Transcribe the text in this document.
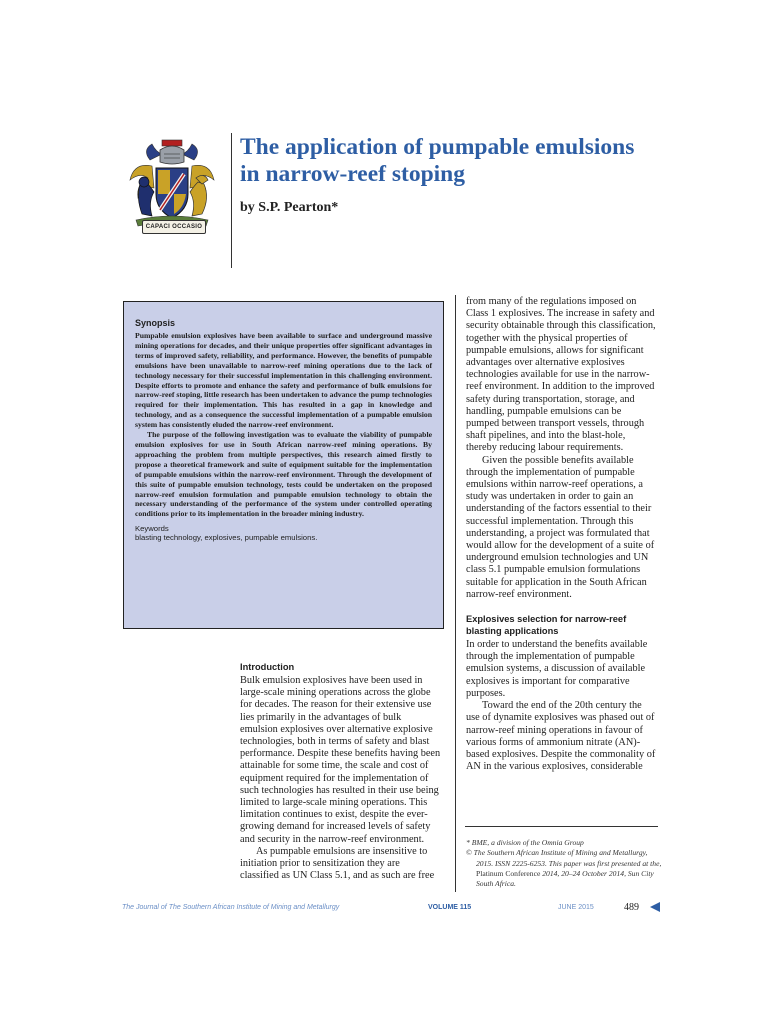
CAPACI OCCASIO
The application of pumpable emulsions
in narrow-reef stoping
by S.P. Pearton*

Synopsis

Pumpable emulsion explosives have been available to surface and underground massive mining operations for decades, and their unique properties offer significant advantages in terms of improved safety, reliability, and performance. However, the benefits of pumpable emulsions have been unavailable to narrow-reef mining operations due to the lack of technology necessary for their successful implementation in this challenging environment. Despite efforts to promote and enhance the safety and performance of bulk emulsions for narrow-reef stoping, little research has been undertaken to advance the pump technologies required for their implementation. This has resulted in a gap in knowledge and technology, and as a consequence the successful implementation of a pumpable emulsion system has consistently eluded the narrow-reef environment.

The purpose of the following investigation was to evaluate the viability of pumpable emulsion explosives for use in South African narrow-reef mining operations. By approaching the problem from multiple perspectives, this research aimed firstly to propose a theoretical framework and suite of equipment suitable for the implementation of pumpable emulsions within the narrow-reef environment. Through the development of this suite of pumpable emulsion technology, tests could be undertaken on the proposed narrow-reef emulsion formulation and pumpable emulsion technology to obtain the necessary understanding of the performance of the system under controlled operating conditions prior to its implementation in the broader mining industry.

Keywords

blasting technology, explosives, pumpable emulsions.

Introduction

Bulk emulsion explosives have been used in large-scale mining operations across the globe for decades. The reason for their extensive use lies primarily in the advantages of bulk emulsion explosives over alternative explosive technologies, both in terms of safety and blast performance. Despite these benefits having been attainable for some time, the scale and cost of equipment required for the implementation of such technologies has resulted in their use being limited to large-scale mining operations. This limitation continues to exist, despite the ever-growing demand for increased levels of safety and security in the narrow-reef environment.

As pumpable emulsions are insensitive to initiation prior to sensitization they are classified as UN Class 5.1, and as such are free

from many of the regulations imposed on Class 1 explosives. The increase in safety and security obtainable through this classification, together with the physical properties of pumpable emulsions, allows for significant advantages over alternative explosives technologies available for use in the narrow-reef environment. In addition to the improved safety during transportation, storage, and handling, pumpable emulsions can be pumped between transport vessels, through shaft pipelines, and into the blast-hole, thereby reducing labour requirements.

Given the possible benefits available through the implementation of pumpable emulsions within narrow-reef operations, a study was undertaken in order to gain an understanding of the factors essential to their successful implementation. Through this understanding, a project was formulated that would allow for the development of a suite of underground emulsion technologies and UN class 5.1 pumpable emulsion formulations suitable for application in the South African narrow-reef environment.

Explosives selection for narrow-reef blasting applications

In order to understand the benefits available through the implementation of pumpable emulsion systems, a discussion of available explosives is important for comparative purposes.

Toward the end of the 20th century the use of dynamite explosives was phased out of narrow-reef mining operations in favour of various forms of ammonium nitrate (AN)-based explosives. Despite the commonality of AN in the various explosives, considerable

* BME, a division of the Omnia Group

© The Southern African Institute of Mining and Metallurgy, 2015. ISSN 2225-6253. This paper was first presented at the, Platinum Conference 2014, 20–24 October 2014, Sun City South Africa.

The Journal of The Southern African Institute of Mining and Metallurgy	VOLUME 115	JUNE 2015	489
